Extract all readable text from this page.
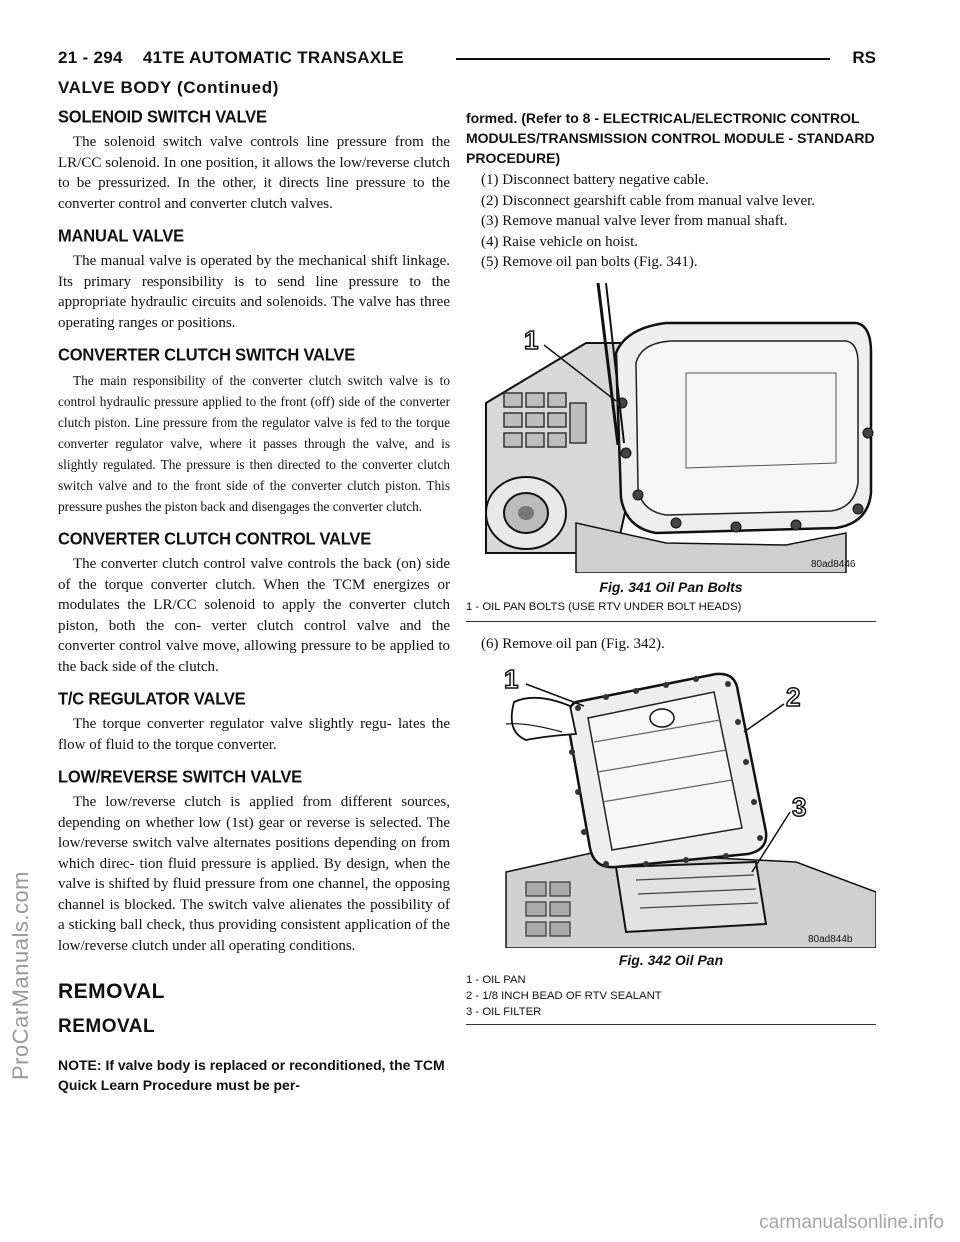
21 - 294    41TE AUTOMATIC TRANSAXLE	RS
VALVE BODY (Continued)
SOLENOID SWITCH VALVE

The solenoid switch valve controls line pressure from the LR/CC solenoid. In one position, it allows the low/reverse clutch to be pressurized. In the other, it directs line pressure to the converter control and converter clutch valves.

MANUAL VALVE

The manual valve is operated by the mechanical shift linkage. Its primary responsibility is to send line pressure to the appropriate hydraulic circuits and solenoids. The valve has three operating ranges or positions.

CONVERTER CLUTCH SWITCH VALVE

The main responsibility of the converter clutch switch valve is to control hydraulic pressure applied to the front (off) side of the converter clutch piston. Line pressure from the regulator valve is fed to the torque converter regulator valve, where it passes through the valve, and is slightly regulated. The pressure is then directed to the converter clutch switch valve and to the front side of the converter clutch piston. This pressure pushes the piston back and disengages the converter clutch.

CONVERTER CLUTCH CONTROL VALVE

The converter clutch control valve controls the back (on) side of the torque converter clutch. When the TCM energizes or modulates the LR/CC solenoid to apply the converter clutch piston, both the con- verter clutch control valve and the converter control valve move, allowing pressure to be applied to the back side of the clutch.

T/C REGULATOR VALVE

The torque converter regulator valve slightly regu- lates the flow of fluid to the torque converter.

LOW/REVERSE SWITCH VALVE

The low/reverse clutch is applied from different sources, depending on whether low (1st) gear or reverse is selected. The low/reverse switch valve alternates positions depending on from which direc- tion fluid pressure is applied. By design, when the valve is shifted by fluid pressure from one channel, the opposing channel is blocked. The switch valve alienates the possibility of a sticking ball check, thus providing consistent application of the low/reverse clutch under all operating conditions.

REMOVAL
REMOVAL

NOTE: If valve body is replaced or reconditioned, the TCM Quick Learn Procedure must be per-

formed. (Refer to 8 - ELECTRICAL/ELECTRONIC CONTROL MODULES/TRANSMISSION CONTROL MODULE - STANDARD PROCEDURE)

(1) Disconnect battery negative cable.

(2) Disconnect gearshift cable from manual valve lever.

(3) Remove manual valve lever from manual shaft.

(4) Raise vehicle on hoist.

(5) Remove oil pan bolts (Fig. 341).

1
80ad8446
Fig. 341 Oil Pan Bolts
1 - OIL PAN BOLTS (USE RTV UNDER BOLT HEADS)

(6) Remove oil pan (Fig. 342).

1
2
3
80ad844b
Fig. 342 Oil Pan
1 - OIL PAN
2 - 1/8 INCH BEAD OF RTV SEALANT
3 - OIL FILTER
ProCarManuals.com
carmanualsonline.info
